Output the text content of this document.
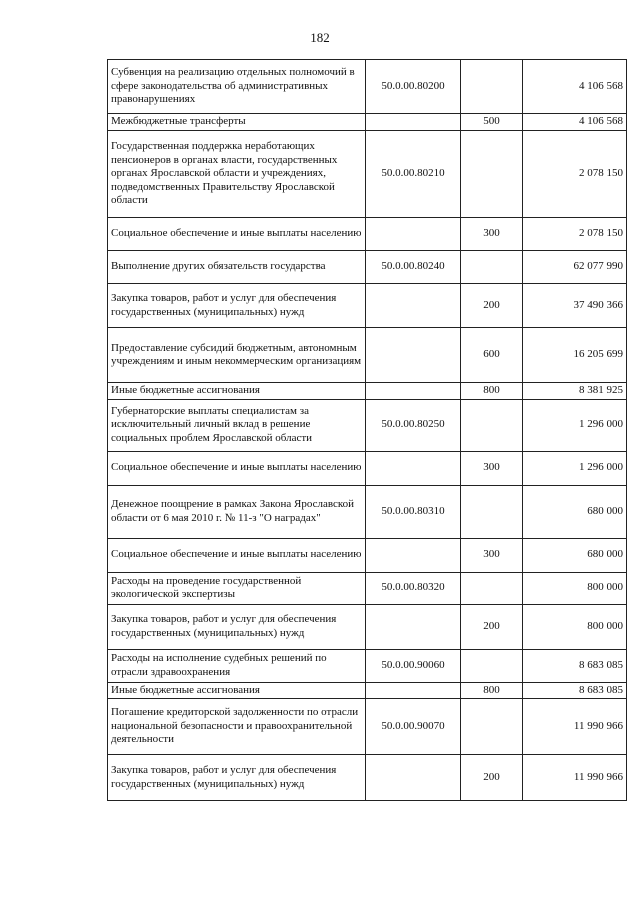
182
Субвенция на реализацию отдельных полномочий в сфере законодательства об административных правонарушениях	50.0.00.80200		4 106 568
Межбюджетные трансферты		500	4 106 568
Государственная поддержка неработающих пенсионеров в органах власти, государственных органах Ярославской области и учреждениях, подведомственных Правительству Ярославской области	50.0.00.80210		2 078 150
Социальное обеспечение и иные выплаты населению		300	2 078 150
Выполнение других обязательств государства	50.0.00.80240		62 077 990
Закупка товаров, работ и услуг для обеспечения государственных (муниципальных) нужд		200	37 490 366
Предоставление субсидий бюджетным, автономным учреждениям и иным некоммерческим организациям		600	16 205 699
Иные бюджетные ассигнования		800	8 381 925
Губернаторские выплаты специалистам за исключительный личный вклад в решение социальных проблем Ярославской области	50.0.00.80250		1 296 000
Социальное обеспечение и иные выплаты населению		300	1 296 000
Денежное поощрение в рамках Закона Ярославской области от 6 мая 2010 г. № 11-з "О наградах"	50.0.00.80310		680 000
Социальное обеспечение и иные выплаты населению		300	680 000
Расходы на проведение государственной экологической экспертизы	50.0.00.80320		800 000
Закупка товаров, работ и услуг для обеспечения государственных (муниципальных) нужд		200	800 000
Расходы на исполнение судебных решений по отрасли здравоохранения	50.0.00.90060		8 683 085
Иные бюджетные ассигнования		800	8 683 085
Погашение кредиторской задолженности по отрасли национальной безопасности и правоохранительной деятельности	50.0.00.90070		11 990 966
Закупка товаров, работ и услуг для обеспечения государственных (муниципальных) нужд		200	11 990 966
